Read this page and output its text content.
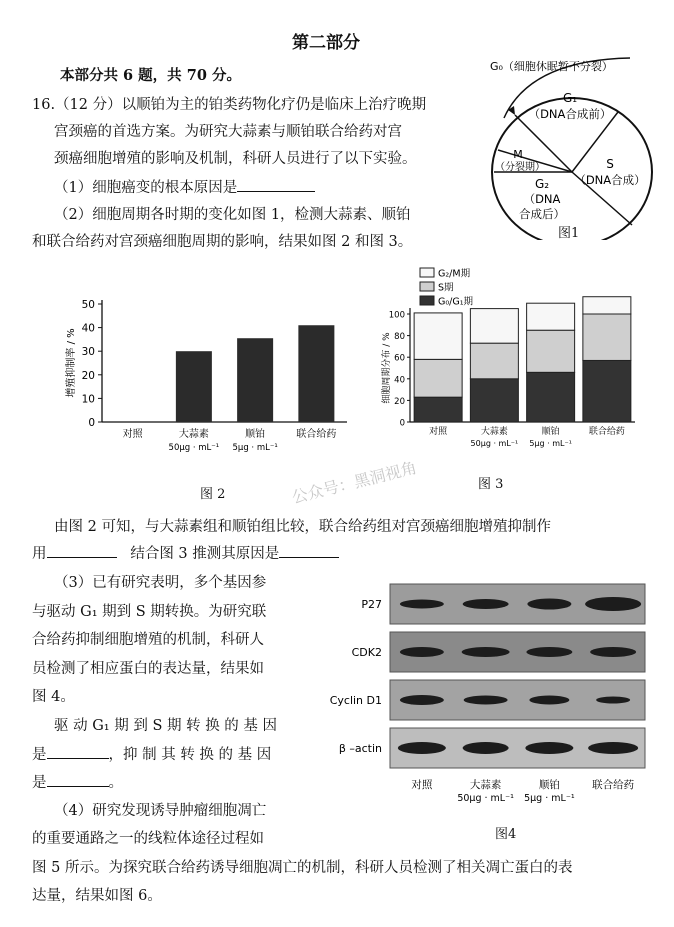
第二部分
本部分共 6 题，共 70 分。
16.（12 分）以顺铂为主的铂类药物化疗仍是临床上治疗晚期
宫颈癌的首选方案。为研究大蒜素与顺铂联合给药对宫
颈癌细胞增殖的影响及机制，科研人员进行了以下实验。
（1）细胞癌变的根本原因是
（2）细胞周期各时期的变化如图 1，检测大蒜素、顺铂
和联合给药对宫颈癌细胞周期的影响，结果如图 2 和图 3。
G₀（细胞休眠暂不分裂）
G₁
（DNA合成前）
S
（DNA合成）
G₂
（DNA
合成后）
M
（分裂期）
图1
0
10
20
30
40
50
增殖抑制率 / %
对照	大蒜素
50μg · mL⁻¹
顺铂
5μg · mL⁻¹
联合给药
图 2
0
20
40
60
80
100
细胞周期分布 / %
对照	大蒜素
50μg · mL⁻¹
顺铂
5μg · mL⁻¹
联合给药
G₂/M期
S期
G₀/G₁期
图 3
公众号：黑洞视角
由图 2 可知，与大蒜素组和顺铂组比较，联合给药组对宫颈癌细胞增殖抑制作
用	结合图 3 推测其原因是
（3）已有研究表明，多个基因参
与驱动 G₁ 期到 S 期转换。为研究联
合给药抑制细胞增殖的机制，科研人
员检测了相应蛋白的表达量，结果如
图 4。
驱 动 G₁ 期 到 S 期 转 换 的 基 因
是	，抑 制 其 转 换 的 基 因
是	。
（4）研究发现诱导肿瘤细胞凋亡
的重要通路之一的线粒体途径过程如
图 5 所示。为探究联合给药诱导细胞凋亡的机制，科研人员检测了相关凋亡蛋白的表
达量，结果如图 6。
P27
CDK2
Cyclin D1
β –actin
对照	大蒜素
50μg · mL⁻¹
顺铂
5μg · mL⁻¹
联合给药
图4
